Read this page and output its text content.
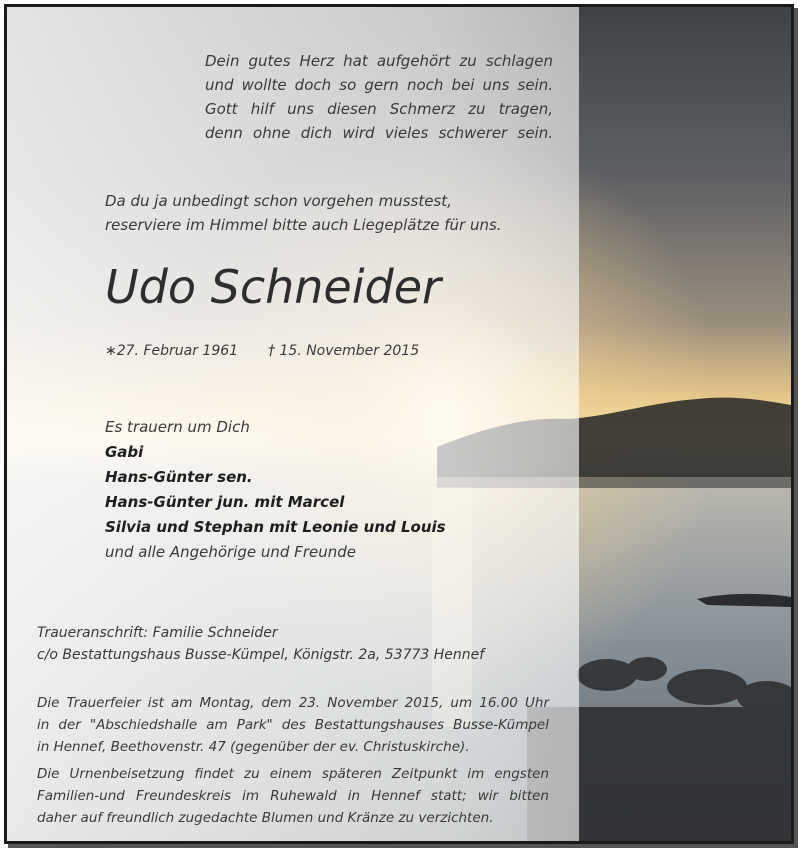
Dein gutes Herz hat aufgehört zu schlagen
und wollte doch so gern noch bei uns sein.
Gott hilf uns diesen Schmerz zu tragen,
denn ohne dich wird vieles schwerer sein.
Da du ja unbedingt schon vorgehen musstest,
reserviere im Himmel bitte auch Liegeplätze für uns.
Udo Schneider
∗27. Februar 1961 † 15. November 2015
Es trauern um Dich
Gabi
Hans-Günter sen.
Hans-Günter jun. mit Marcel
Silvia und Stephan mit Leonie und Louis
und alle Angehörige und Freunde
Traueranschrift: Familie Schneider
c/o Bestattungshaus Busse-Kümpel, Königstr. 2a, 53773 Hennef
Die Trauerfeier ist am Montag, dem 23. November 2015, um 16.00 Uhr
in der "Abschiedshalle am Park" des Bestattungshauses Busse-Kümpel
in Hennef, Beethovenstr. 47 (gegenüber der ev. Christuskirche).
Die Urnenbeisetzung findet zu einem späteren Zeitpunkt im engsten
Familien-und Freundeskreis im Ruhewald in Hennef statt; wir bitten
daher auf freundlich zugedachte Blumen und Kränze zu verzichten.
